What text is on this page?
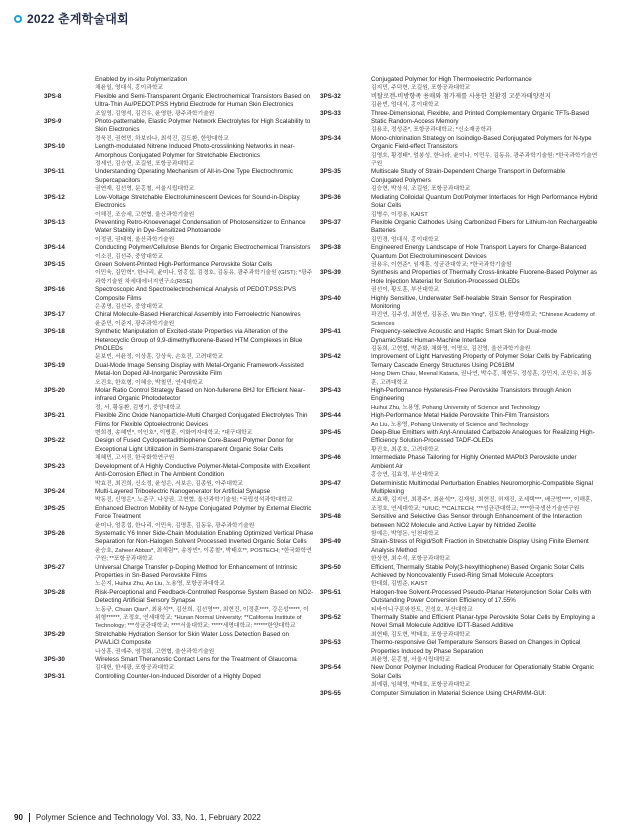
2022 춘계학술대회
Enabled by in-situ Polymerization
채윤일, 영대식, 홍이과학교
3PS-8	Flexible and Semi-Transparent Organic Electrochemical Transistors Based on Ultra-Thin Au/PEDOT:PSS Hybrid Electrode for Human Skin Electronics
조일영, 김영석, 김건우, 윤영한, 광주과학기술원
3PS-9	Photo-patternable, Elastic Polymer Network Electrolytes for High Scalability to Skin Electronics
정욱진, 권혁민, 하보라나, 최석진, 김도환, 한양대학교
3PS-10	Length-modulated Nitrene Induced Photo-crosslinking Networks in near-Amorphous Conjugated Polymer for Stretchable Electronics
정세인, 김승현, 조길원, 포항공과대학교
3PS-11	Understanding Operating Mechanism of All-in-One Type Electrochromic Supercapacitors
권연재, 김선영, 문홍철, 서울시립대학교
3PS-12	Low-Voltage Stretchable Electroluminescent Devices for Sound-in-Display Electronics
이해진, 조승세, 고현협, 울산과학기술원
3PS-13	Preventing Retro-Knoevenagel Condensation of Photosensitizer to Enhance Water Stability in Dye-Sensitized Photoanode
이정권, 권태혁, 울산과학기술원
3PS-14	Conducting Polymer/Cellulose Blends for Organic Electrochemical Transistors
이소진, 김선주, 중앙대학교
3PS-15	Green Solvent-Printed High-Performance Perovskite Solar Cells
이민욱, 김민혁*, 한나리, 윤미나, 엄홍섭, 김경호, 김동유, 광주과학기술원 (GIST); *광주과학기술원 차세대에너지연구소(RISE)
3PS-16	Spectroscopic And Spectroelectrochemical Analysis of PEDOT:PSS:PVS Composite Films
은종명, 김선주, 중앙대학교
3PS-17	Chiral Molecule-Based Hierarchical Assembly into Ferroelectric Nanowires
윤준민, 이준지, 광주과학기술원
3PS-18	Synthetic Manipulation of Excited-state Properties via Alteration of the Heterocyclic Group of 9,9-dimethylfluorene-Based HTM Complexes in Blue PhOLEDs
문보빈, 서윤정, 이상훈, 강상욱, 손호진, 고려대학교
3PS-19	Dual-Mode Image Sensing Display with Metal-Organic Framework-Assisted Metal-Ion Doped All-Inorganic Perovskite Film
오진호, 한호형, 이혜승, 박철민, 연세대학교
3PS-20	Molar Ratio Control Strategy Based on Non-fullerene BHJ for Efficient Near-infrared Organic Photodetector
정, 서, 황동환, 김병기, 중앙대학교
3PS-21	Flexible Zinc Oxide Nanoparticle-Multi Charged Conjugated Electrolytes Thin Films for Flexible Optoelectronic Devices
변희경, 송혜빈*, 이인호*, 이병훈, 이화여자대학교; *대구대학교
3PS-22	Design of Fused Cyclopentadithiophene Core-Based Polymer Donor for Exceptional Light Utilization in Semi-transparent Organic Solar Cells
채혜민, 고서진, 한국화학연구원
3PS-23	Development of A Highly Conductive Polymer-Metal-Composite with Excellent Anti-Corrosion Effect in The Ambient Condition
박효진, 최진희, 신소정, 윤성은, 서보은, 김종원, 아주대학교
3PS-24	Multi-Layered Triboelectric Nanogenerator for Artificial Synapse
박동진, 신영은*, 노준구, 나상권, 고현협, 울산과학기술원; *국립성석과학대학교
3PS-25	Enhanced Electron Mobility of N-type Conjugated Polymer by External Electric Force Treatment
윤미나, 엄홍섭, 한나리, 이민욱, 김명훈, 김동유, 광주과학기술원
3PS-26	Systematic Y6 Inner Side-Chain Modulation Enabling Optimized Vertical Phase Separation for Non-Halogen Solvent Processed Inverted Organic Solar Cells
윤승호, Zaheer Abbas*, 최해림**, 송창빈*, 이종철*, 박태호**, POSTECH; *한국화학연구원; **포항공과대학교
3PS-27	Universal Charge Transfer p-Doping Method for Enhancement of Intrinsic Properties in Sn-Based Perovskite Films
노은지, Huihui Zhu, Ao Liu, 노용영, 포항공과대학교
3PS-28	Risk-Perceptional and Feedback-Controlled Response System Based on NO2-Detecting Artificial Sensory Synapse
노동규, Chuan Qian*, 최용석**, 김산희, 김선영***, 최현진, 이정훈****, 강은성*****, 이위형******, 조정호, 연세대학교; *Hunan Normal University; **California Institute of Technology; ***성균관대학교; ****서울대학교; *****세명대학교; ******한양대학교
3PS-29	Stretchable Hydration Sensor for Skin Water Loss Detection Based on PVA/LiCl Composite
나상훈, 권예주, 염정회, 고현협, 울산과학기술원
3PS-30	Wireless Smart Theranostic Contact Lens for the Treatment of Glaucoma
김대헌, 한세광, 포항공과대학교
3PS-31	Controlling Counter-Ion-Induced Disorder of a Highly Doped
Conjugated Polymer for High Thermoelectric Performance
김지민, 주덕현, 조길원, 포항공과대학교
3PS-32	비탈로겐-비방향족 용매와 첨가제를 사용한 친환경 고분자태양전지
김윤빈, 엄대식, 홍이대학교
3PS-33	Three-Dimensional, Flexible, and Printed Complementary Organic TFTs-Based Static Random-Access Memory
김용조, 정성준*, 포항공과대학교; *신소재공학과
3PS-34	Mono-chlorination Strategy on Isoindigo-Based Conjugated Polymers for N-type Organic Field-effect Transistors
김영흐, 황경태*, 엄봉성, 한나라, 윤미나, 이민우, 김동유, 광주과학기술원; *한국과학기술연구원
3PS-35	Multiscale Study of Strain-Dependent Charge Transport in Deformable Conjugated Polymers
김승현, 박상식, 조길원, 포항공과대학교
3PS-36	Mediating Colloidal Quantum Dot/Polymer Interfaces for High Performance Hybrid Solar Cells
김병수, 이정용, KAIST
3PS-37	Flexible Organic Cathodes Using Carbonized Fibers for Lithium-Ion Rechargeable Batteries
김민경, 엄대식, 홍이대학교
3PS-38	Engineered Energy Landscape of Hole Transport Layers for Charge-Balanced Quantum Dot Electroluminescent Devices
권용우, 이현준*, 임재훈, 성균관대학교; *한국과학기술원
3PS-39	Synthesis and Properties of Thermally Cross-linkable Fluorene-Based Polymer as Hole Injection Material for Solution-Processed OLEDs
권선이, 황도훈, 부산대학교
3PS-40	Highly Sensitive, Underwater Self-healable Strain Sensor for Respiration Monitoring
곽진연, 김주성, 최한빈, 김동준, Wu Bin Ying*, 김도환, 한양대학교; *Chinese Academy of Sciences
3PS-41	Frequency-selective Acoustic and Haptic Smart Skin for Dual-mode Dynamic/Static Human-Machine Interface
김동희, 고현협, 박준화, 채화영, 이명오, 김진영, 울산과학기술원
3PS-42	Improvement of Light Harvesting Property of Polymer Solar Cells by Fabricating Ternary Cascade Energy Structures Using PC61BM
Hong Diem Chau, Meenal Kataria, 권나연, 박수홍, 채현두, 정성훈, 강민지, 조민우, 최동훈, 고려대학교
3PS-43	High-Performance Hysteresis-Free Perovskite Transistors through Anion Engineering
Huihui Zhu, 노용영, Pohang University of Science and Technology
3PS-44	High-Performance Metal Halide Perovskite Thin-Film Transistors
Ao Liu, 노용영, Pohang University of Science and Technology
3PS-45	Deep-Blue Emitters with Aryl-Annulated Carbazole Analogues for Realizing High-Efficiency Solution-Processed TADF-OLEDs
황진호, 최종호, 고려대학교
3PS-46	Intermediate Phase Tailoring for Highly Oriented MAPbI3 Perovskite under Ambient Air
홍승연, 김효정, 부산대학교
3PS-47	Deterministic Multimodal Perturbation Enables Neuromorphic-Compatible Signal Multiplexing
조효해, 김지인, 최광주*, 최윤석**, 김재원, 최현진, 허재진, 조세택***, 배군범****, 이해훈, 조정호, 연세대학교; *UIUC; **CALTECH; ***성균관대학교; ****한국생산기술연구원
3PS-48	Sensitive and Selective Gas Sensor through Enhancement of the Interaction between NO2 Molecule and Active Layer by Nitrided Zeolite
함예은, 박영돈, 인천대학교
3PS-49	Strain-Stress of Rigid/Soft Fraction in Stretchable Display Using Finite Element Analysis Method
한상현, 최수석, 포항공과대학교
3PS-50	Efficient, Thermally Stable Poly(3-hexylthiophene) Based Organic Solar Cells Achieved by Noncovalently Fused-Ring Small Molecule Acceptors
한대회, 김범준, KAIST
3PS-51	Halogen-free Solvent-Processed Pseudo-Planar Heterojunction Solar Cells with Outstanding Power Conversion Efficiency of 17.55%
티바이니구룬와찬트, 진성호, 부산대학교
3PS-52	Thermally Stable and Efficient Planar-type Perovskite Solar Cells by Employing a Novel Small Molecule Additive IDTT-Based Additive
최현태, 김도현, 박태호, 포항공과대학교
3PS-53	Thermo-responsive Gel Temperature Sensors Based on Changes in Optical Properties Induced by Phase Separation
최윤영, 문홍철, 서울시립대학교
3PS-54	New Donor Polymer Including Radical Producer for Operationally Stable Organic Solar Cells
최예림, 임혜영, 박태호, 포항공과대학교
3PS-55	Computer Simulation in Material Science Using CHARMM-GUI:
90 Polymer Science and Technology Vol. 33, No. 1, February 2022
